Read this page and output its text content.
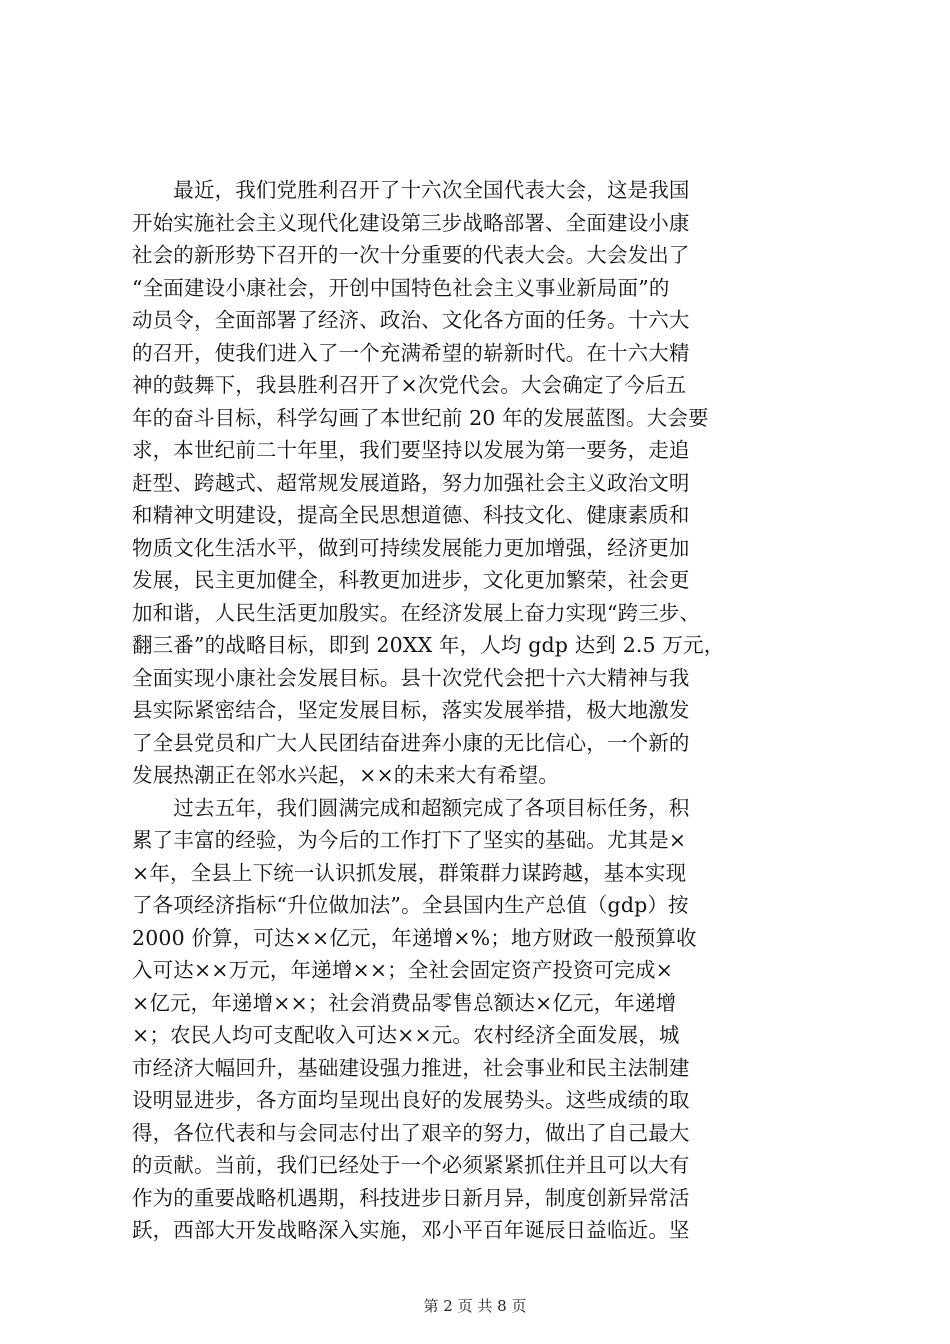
　　最近，我们党胜利召开了十六次全国代表大会，这是我国
开始实施社会主义现代化建设第三步战略部署、全面建设小康
社会的新形势下召开的一次十分重要的代表大会。大会发出了
“全面建设小康社会，开创中国特色社会主义事业新局面”的
动员令，全面部署了经济、政治、文化各方面的任务。十六大
的召开，使我们进入了一个充满希望的崭新时代。在十六大精
神的鼓舞下，我县胜利召开了×次党代会。大会确定了今后五
年的奋斗目标，科学勾画了本世纪前 20 年的发展蓝图。大会要
求，本世纪前二十年里，我们要坚持以发展为第一要务，走追
赶型、跨越式、超常规发展道路，努力加强社会主义政治文明
和精神文明建设，提高全民思想道德、科技文化、健康素质和
物质文化生活水平，做到可持续发展能力更加增强，经济更加
发展，民主更加健全，科教更加进步，文化更加繁荣，社会更
加和谐，人民生活更加殷实。在经济发展上奋力实现“跨三步、
翻三番”的战略目标，即到 20XX 年，人均 gdp 达到 2.5 万元，
全面实现小康社会发展目标。县十次党代会把十六大精神与我
县实际紧密结合，坚定发展目标，落实发展举措，极大地激发
了全县党员和广大人民团结奋进奔小康的无比信心，一个新的
发展热潮正在邻水兴起，××的未来大有希望。
　　过去五年，我们圆满完成和超额完成了各项目标任务，积
累了丰富的经验，为今后的工作打下了坚实的基础。尤其是×
×年，全县上下统一认识抓发展，群策群力谋跨越，基本实现
了各项经济指标“升位做加法”。全县国内生产总值（gdp）按
2000 价算，可达××亿元，年递增×%；地方财政一般预算收
入可达××万元，年递增××；全社会固定资产投资可完成×
×亿元，年递增××；社会消费品零售总额达×亿元，年递增
×；农民人均可支配收入可达××元。农村经济全面发展，城
市经济大幅回升，基础建设强力推进，社会事业和民主法制建
设明显进步，各方面均呈现出良好的发展势头。这些成绩的取
得，各位代表和与会同志付出了艰辛的努力，做出了自己最大
的贡献。当前，我们已经处于一个必须紧紧抓住并且可以大有
作为的重要战略机遇期，科技进步日新月异，制度创新异常活
跃，西部大开发战略深入实施，邓小平百年诞辰日益临近。坚
第 2 页 共 8 页
